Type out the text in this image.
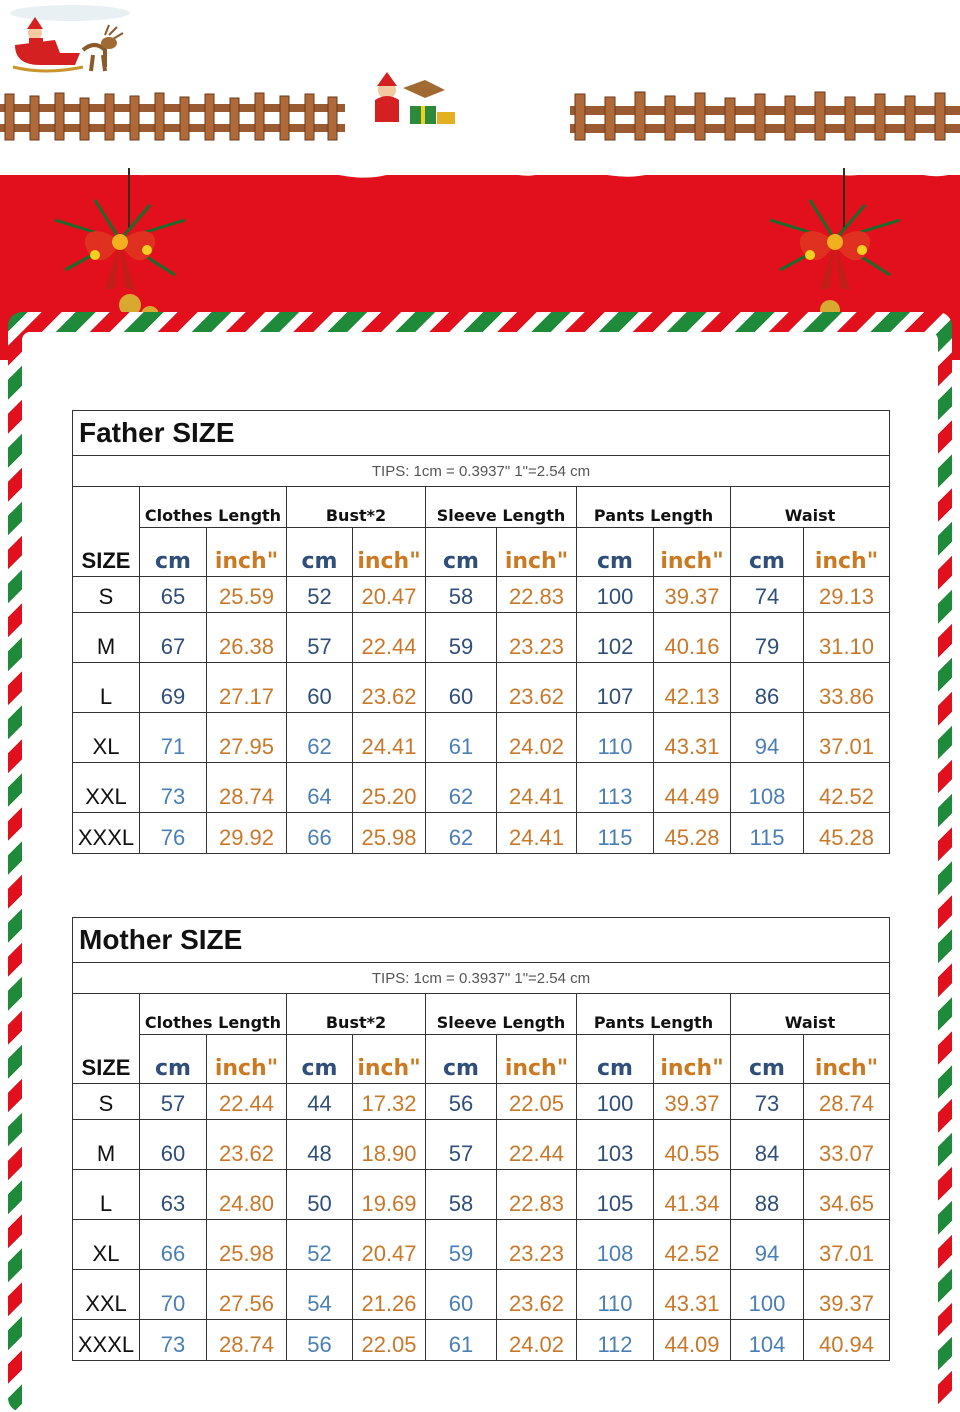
Father SIZE										
TIPS: 1cm = 0.3937" 1"=2.54 cm										
	Clothes Length		Bust*2		Sleeve Length		Pants Length		Waist	
SIZE	cm	inch"	cm	inch"	cm	inch"	cm	inch"	cm	inch"
S	65	25.59	52	20.47	58	22.83	100	39.37	74	29.13
M	67	26.38	57	22.44	59	23.23	102	40.16	79	31.10
L	69	27.17	60	23.62	60	23.62	107	42.13	86	33.86
XL	71	27.95	62	24.41	61	24.02	110	43.31	94	37.01
XXL	73	28.74	64	25.20	62	24.41	113	44.49	108	42.52
XXXL	76	29.92	66	25.98	62	24.41	115	45.28	115	45.28
Mother SIZE										
TIPS: 1cm = 0.3937" 1"=2.54 cm										
	Clothes Length		Bust*2		Sleeve Length		Pants Length		Waist	
SIZE	cm	inch"	cm	inch"	cm	inch"	cm	inch"	cm	inch"
S	57	22.44	44	17.32	56	22.05	100	39.37	73	28.74
M	60	23.62	48	18.90	57	22.44	103	40.55	84	33.07
L	63	24.80	50	19.69	58	22.83	105	41.34	88	34.65
XL	66	25.98	52	20.47	59	23.23	108	42.52	94	37.01
XXL	70	27.56	54	21.26	60	23.62	110	43.31	100	39.37
XXXL	73	28.74	56	22.05	61	24.02	112	44.09	104	40.94
